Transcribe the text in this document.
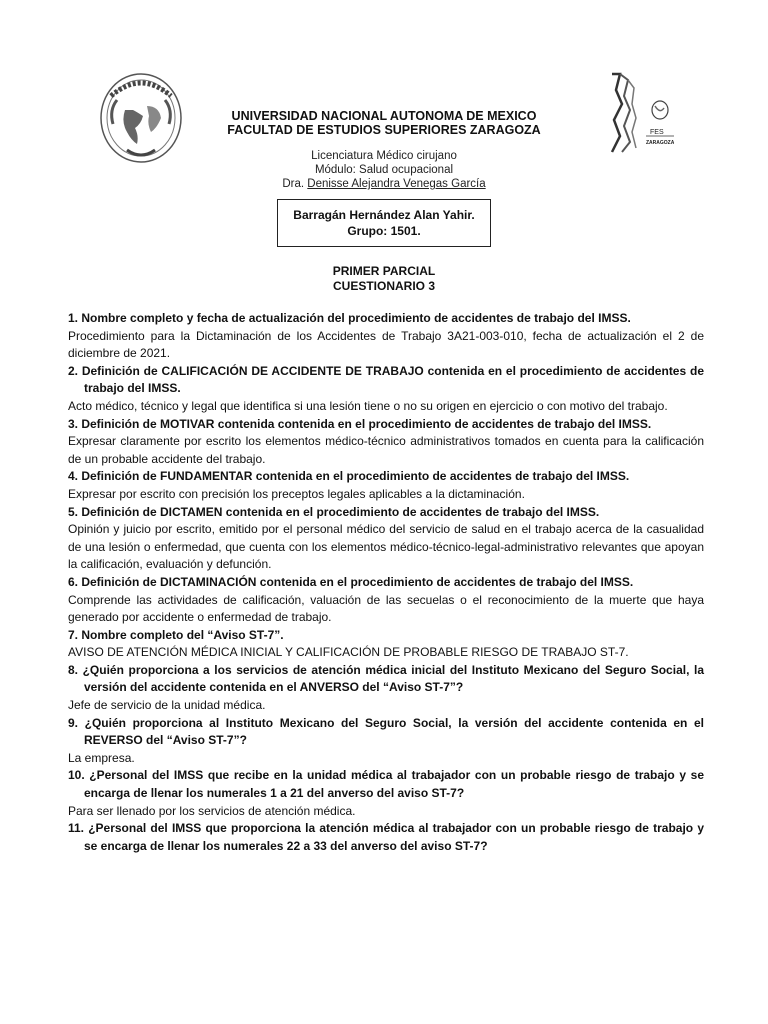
FES
ZARAGOZA
UNIVERSIDAD NACIONAL AUTONOMA DE MEXICO
FACULTAD DE ESTUDIOS SUPERIORES ZARAGOZA
Licenciatura Médico cirujano
Módulo: Salud ocupacional
Dra. Denisse Alejandra Venegas García
Barragán Hernández Alan Yahir.
Grupo: 1501.
PRIMER PARCIAL
CUESTIONARIO 3

1. Nombre completo y fecha de actualización del procedimiento de accidentes de trabajo del IMSS.

Procedimiento para la Dictaminación de los Accidentes de Trabajo 3A21-003-010, fecha de actualización el 2 de diciembre de 2021.

2. Definición de CALIFICACIÓN DE ACCIDENTE DE TRABAJO contenida en el procedimiento de accidentes de trabajo del IMSS.

Acto médico, técnico y legal que identifica si una lesión tiene o no su origen en ejercicio o con motivo del trabajo.

3. Definición de MOTIVAR contenida contenida en el procedimiento de accidentes de trabajo del IMSS.

Expresar claramente por escrito los elementos médico-técnico administrativos tomados en cuenta para la calificación de un probable accidente del trabajo.

4. Definición de FUNDAMENTAR contenida en el procedimiento de accidentes de trabajo del IMSS.

Expresar por escrito con precisión los preceptos legales aplicables a la dictaminación.

5. Definición de DICTAMEN contenida en el procedimiento de accidentes de trabajo del IMSS.

Opinión y juicio por escrito, emitido por el personal médico del servicio de salud en el trabajo acerca de la casualidad de una lesión o enfermedad, que cuenta con los elementos médico-técnico-legal-administrativo relevantes que apoyan la calificación, evaluación y defunción.

6. Definición de DICTAMINACIÓN contenida en el procedimiento de accidentes de trabajo del IMSS.

Comprende las actividades de calificación, valuación de las secuelas o el reconocimiento de la muerte que haya generado por accidente o enfermedad de trabajo.

7. Nombre completo del “Aviso ST-7”.

AVISO DE ATENCIÓN MÉDICA INICIAL Y CALIFICACIÓN DE PROBABLE RIESGO DE TRABAJO ST-7.

8. ¿Quién proporciona a los servicios de atención médica inicial del Instituto Mexicano del Seguro Social, la versión del accidente contenida en el ANVERSO del “Aviso ST-7”?

Jefe de servicio de la unidad médica.

9. ¿Quién proporciona al Instituto Mexicano del Seguro Social, la versión del accidente contenida en el REVERSO del “Aviso ST-7”?

La empresa.

10. ¿Personal del IMSS que recibe en la unidad médica al trabajador con un probable riesgo de trabajo y se encarga de llenar los numerales 1 a 21 del anverso del aviso ST-7?

Para ser llenado por los servicios de atención médica.

11. ¿Personal del IMSS que proporciona la atención médica al trabajador con un probable riesgo de trabajo y se encarga de llenar los numerales 22 a 33 del anverso del aviso ST-7?
